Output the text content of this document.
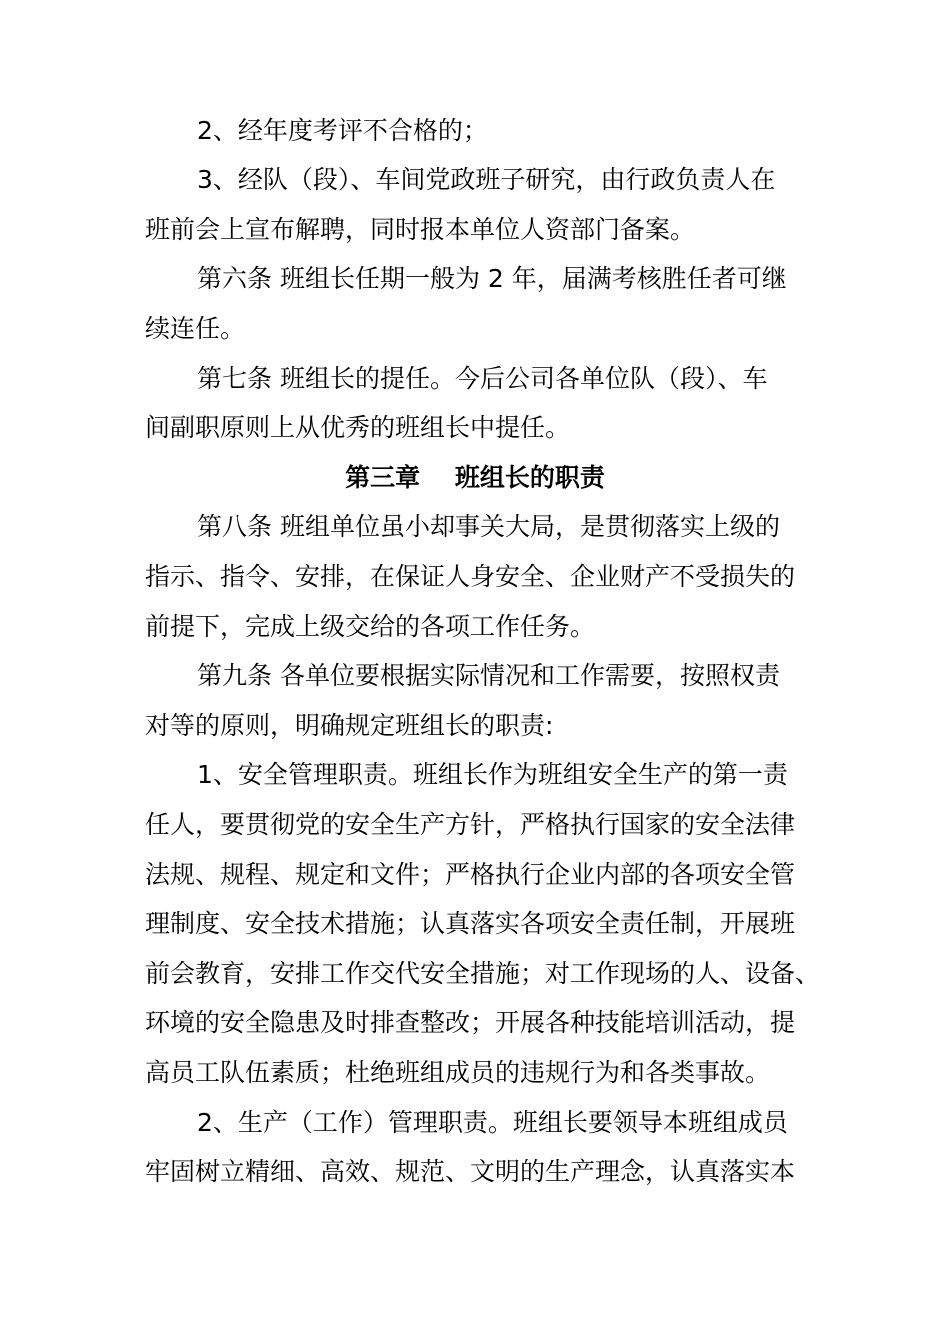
2、经年度考评不合格的；
3、经队（段）、车间党政班子研究，由行政负责人在
班前会上宣布解聘，同时报本单位人资部门备案。
第六条 班组长任期一般为 2 年，届满考核胜任者可继
续连任。
第七条 班组长的提任。今后公司各单位队（段）、车
间副职原则上从优秀的班组长中提任。
第三章    班组长的职责
第八条 班组单位虽小却事关大局，是贯彻落实上级的
指示、指令、安排，在保证人身安全、企业财产不受损失的
前提下，完成上级交给的各项工作任务。
第九条 各单位要根据实际情况和工作需要，按照权责
对等的原则，明确规定班组长的职责:
1、安全管理职责。班组长作为班组安全生产的第一责
任人，要贯彻党的安全生产方针，严格执行国家的安全法律
法规、规程、规定和文件；严格执行企业内部的各项安全管
理制度、安全技术措施；认真落实各项安全责任制，开展班
前会教育，安排工作交代安全措施；对工作现场的人、设备、
环境的安全隐患及时排查整改；开展各种技能培训活动，提
高员工队伍素质；杜绝班组成员的违规行为和各类事故。
2、生产（工作）管理职责。班组长要领导本班组成员
牢固树立精细、高效、规范、文明的生产理念，认真落实本
